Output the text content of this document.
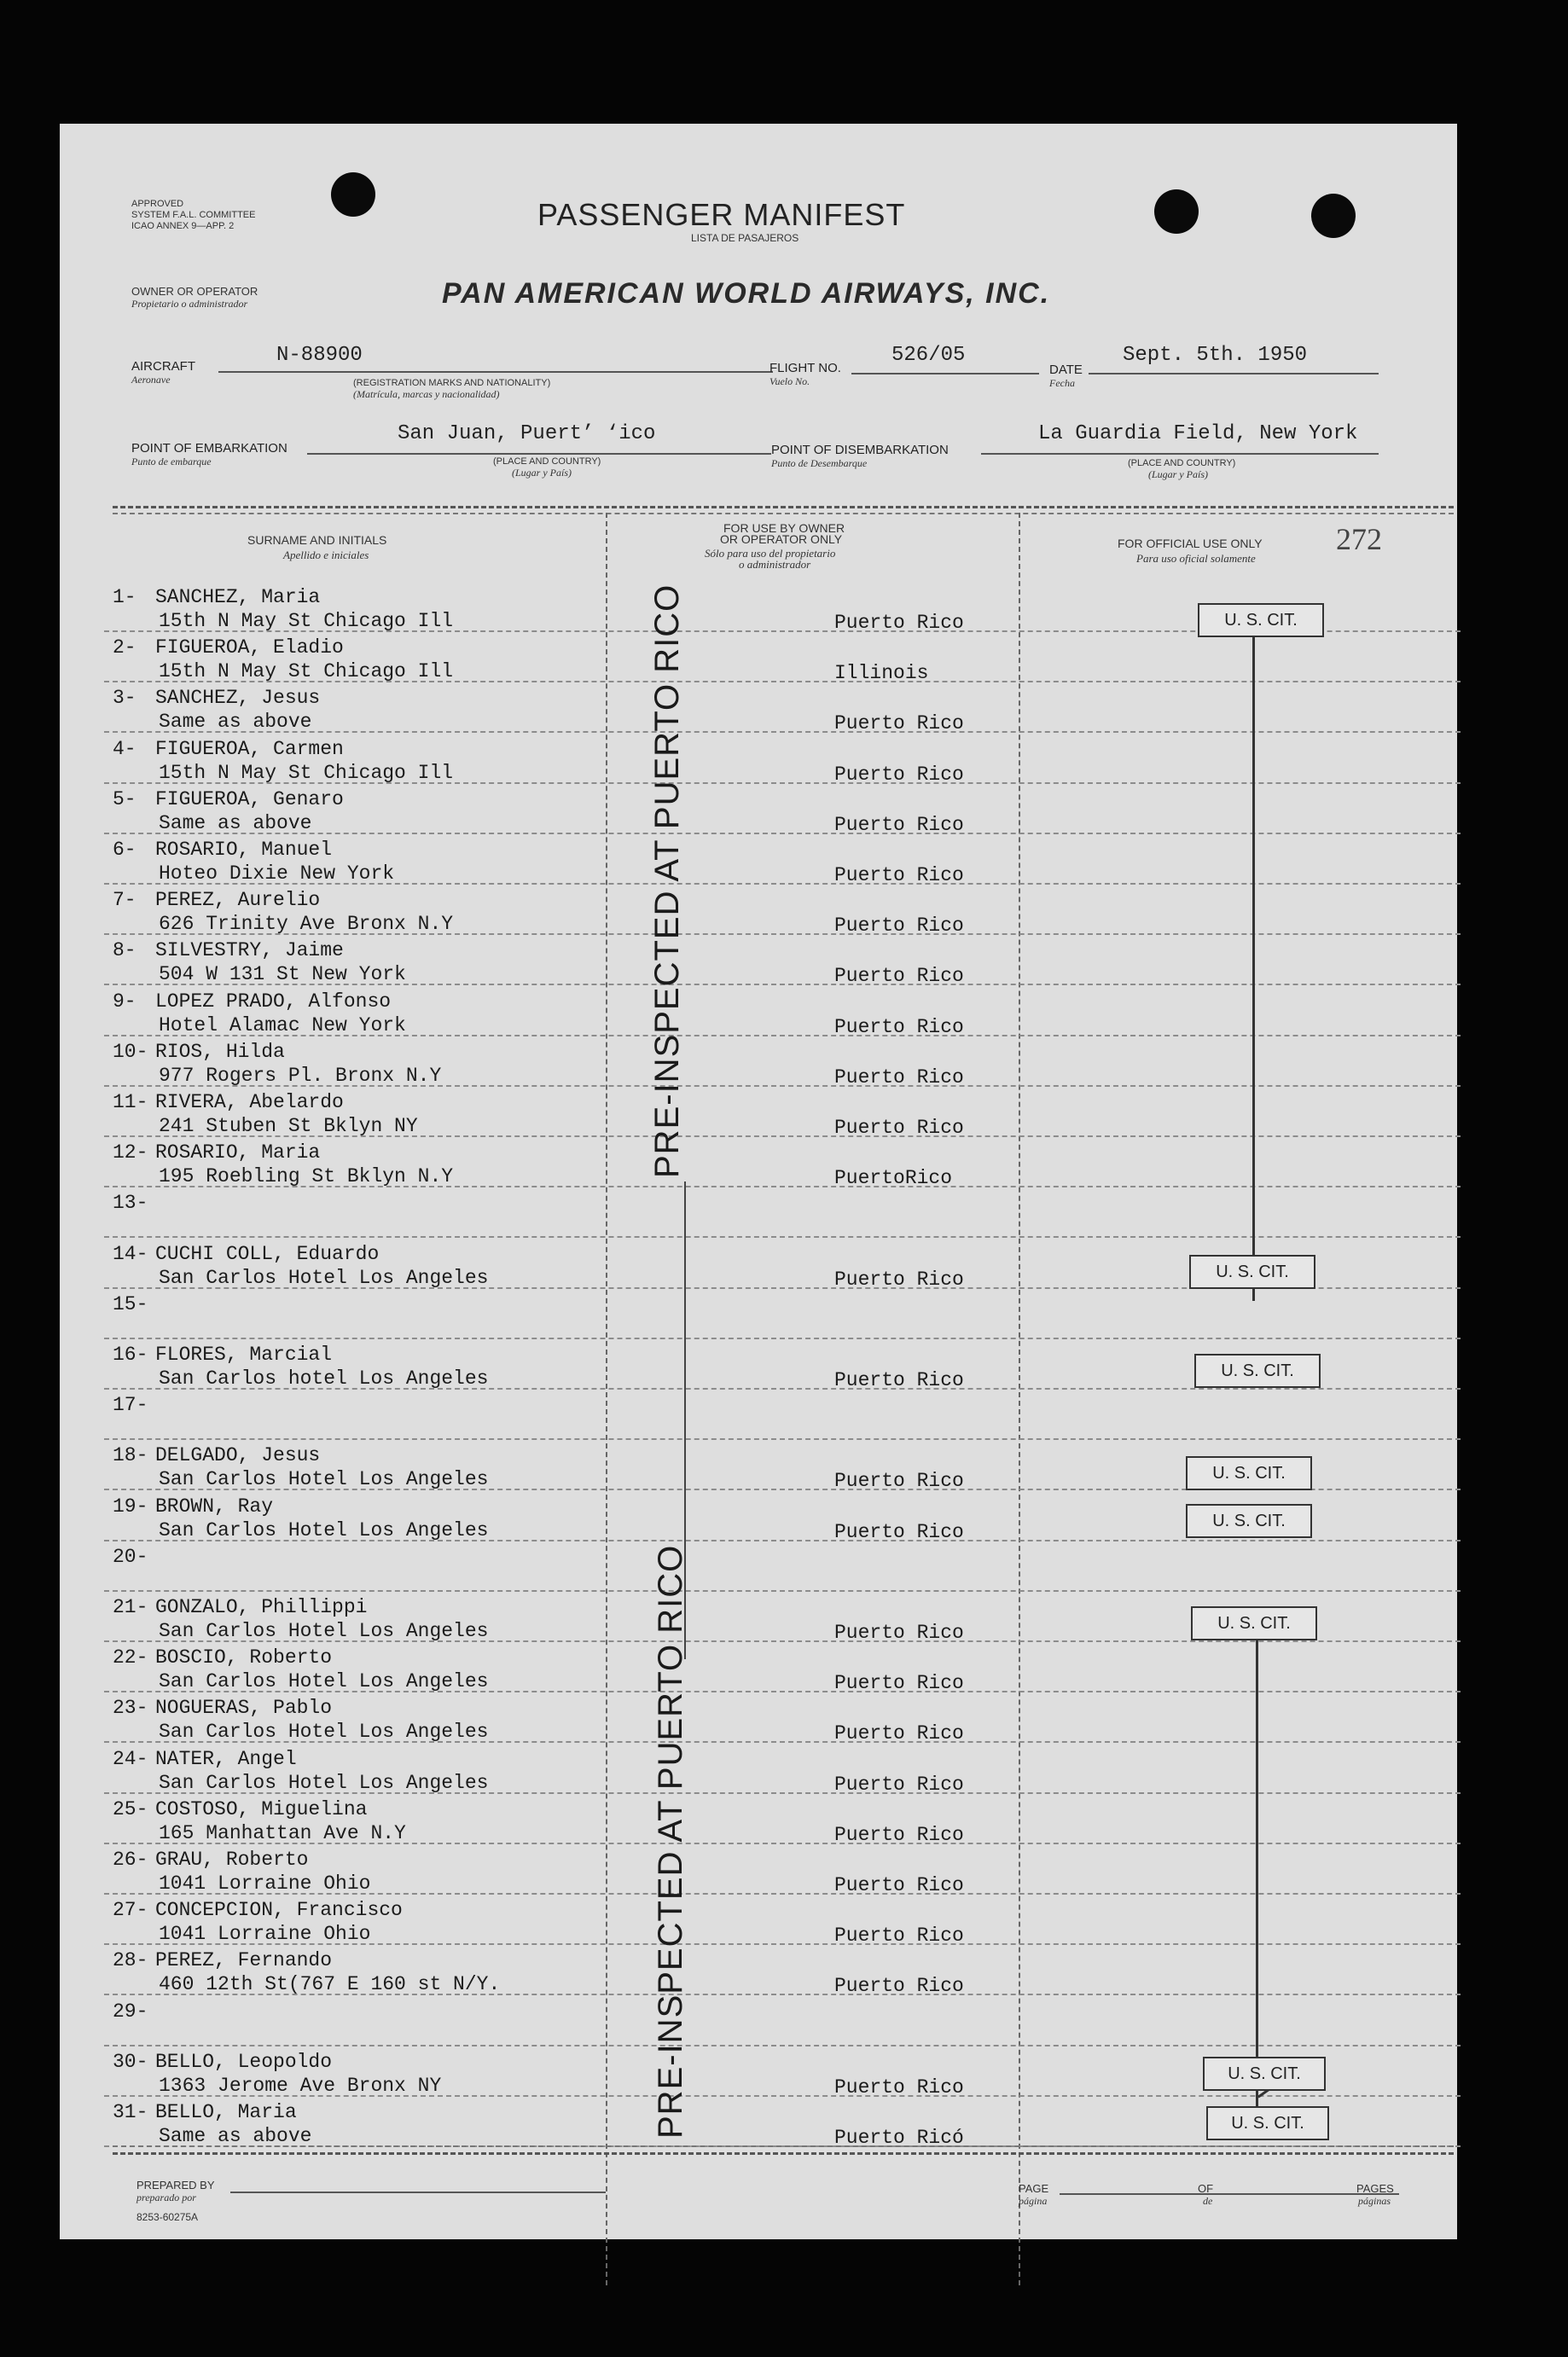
APPROVED
SYSTEM F.A.L. COMMITTEE
ICAO ANNEX 9—APP. 2	PASSENGER MANIFEST
LISTA DE PASAJEROS
OWNER OR OPERATOR
Propietario o administrador	PAN AMERICAN WORLD AIRWAYS, INC.
AIRCRAFT
Aeronave
N-88900
(REGISTRATION MARKS AND NATIONALITY)
(Matrícula, marcas y nacionalidad)
FLIGHT NO.
Vuelo No.
526/05
DATE
Fecha
Sept. 5th. 1950
POINT OF EMBARKATION
Punto de embarque
San Juan, Puert’ ‘ico
(PLACE AND COUNTRY)
(Lugar y País)
POINT OF DISEMBARKATION
Punto de Desembarque
La Guardia Field, New York
(PLACE AND COUNTRY)
(Lugar y País)
SURNAME AND INITIALS
Apellido e iniciales
FOR USE BY OWNER
OR OPERATOR ONLY
Sólo para uso del propietario
o administrador
FOR OFFICIAL USE ONLY
Para uso oficial solamente
272
1- SANCHEZ, Maria
15th N May St Chicago Ill	Puerto Rico
2- FIGUEROA, Eladio
15th N May St Chicago Ill	Illinois
3- SANCHEZ, Jesus
Same as above	Puerto Rico
4- FIGUEROA, Carmen
15th N May St Chicago Ill	Puerto Rico
5- FIGUEROA, Genaro
Same as above	Puerto Rico
6- ROSARIO, Manuel
Hoteo Dixie New York	Puerto Rico
7- PEREZ, Aurelio
626 Trinity Ave Bronx N.Y	Puerto Rico
8- SILVESTRY, Jaime
504 W 131 St New York	Puerto Rico
9- LOPEZ PRADO, Alfonso
Hotel Alamac New York	Puerto Rico
10- RIOS, Hilda
977 Rogers Pl. Bronx N.Y	Puerto Rico
11- RIVERA, Abelardo
241 Stuben St Bklyn NY	Puerto Rico
12- ROSARIO, Maria
195 Roebling St Bklyn N.Y	PuertoRico
13-
14- CUCHI COLL, Eduardo
San Carlos Hotel Los Angeles	Puerto Rico
15-
16- FLORES, Marcial
San Carlos hotel Los Angeles	Puerto Rico
17-
18- DELGADO, Jesus
San Carlos Hotel Los Angeles	Puerto Rico
19- BROWN, Ray
San Carlos Hotel Los Angeles	Puerto Rico
20-
21- GONZALO, Phillippi
San Carlos Hotel Los Angeles	Puerto Rico
22- BOSCIO, Roberto
San Carlos Hotel Los Angeles	Puerto Rico
23- NOGUERAS, Pablo
San Carlos Hotel Los Angeles	Puerto Rico
24- NATER, Angel
San Carlos Hotel Los Angeles	Puerto Rico
25- COSTOSO, Miguelina
165 Manhattan Ave N.Y	Puerto Rico
26- GRAU, Roberto
1041 Lorraine Ohio	Puerto Rico
27- CONCEPCION, Francisco
1041 Lorraine Ohio	Puerto Rico
28- PEREZ, Fernando
460 12th St(767 E 160 st N/Y.	Puerto Rico
29-
30- BELLO, Leopoldo
1363 Jerome Ave Bronx NY	Puerto Rico
31- BELLO, Maria
Same as above	Puerto Ricó
PRE-INSPECTED AT PUERTO RICO
PRE-INSPECTED AT PUERTO RICO
U. S. CIT.
U. S. CIT.
U. S. CIT.
U. S. CIT.
U. S. CIT.
U. S. CIT.
U. S. CIT.
U. S. CIT.
PREPARED BY
preparado por
8253-60275A
PAGE
página
OF
de
PAGES
páginas
